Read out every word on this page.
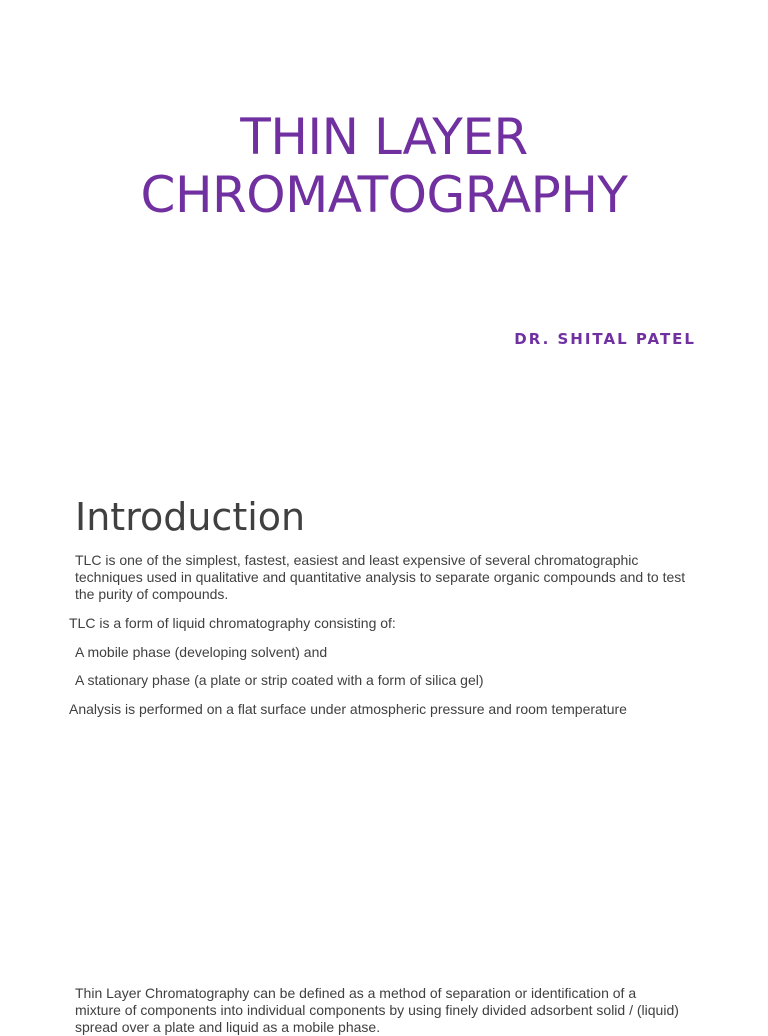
THIN LAYER
CHROMATOGRAPHY
DR. SHITAL PATEL
Introduction

TLC is one of the simplest, fastest, easiest and least expensive of several chromatographic techniques used in qualitative and quantitative analysis to separate organic compounds and to test the purity of compounds.

TLC is a form of liquid chromatography consisting of:

A mobile phase (developing solvent) and

A stationary phase (a plate or strip coated with a form of silica gel)

Analysis is performed on a flat surface under atmospheric pressure and room temperature

Thin Layer Chromatography can be defined as a method of separation or identification of a mixture of components into individual components by using finely divided adsorbent solid / (liquid) spread over a plate and liquid as a mobile phase.
